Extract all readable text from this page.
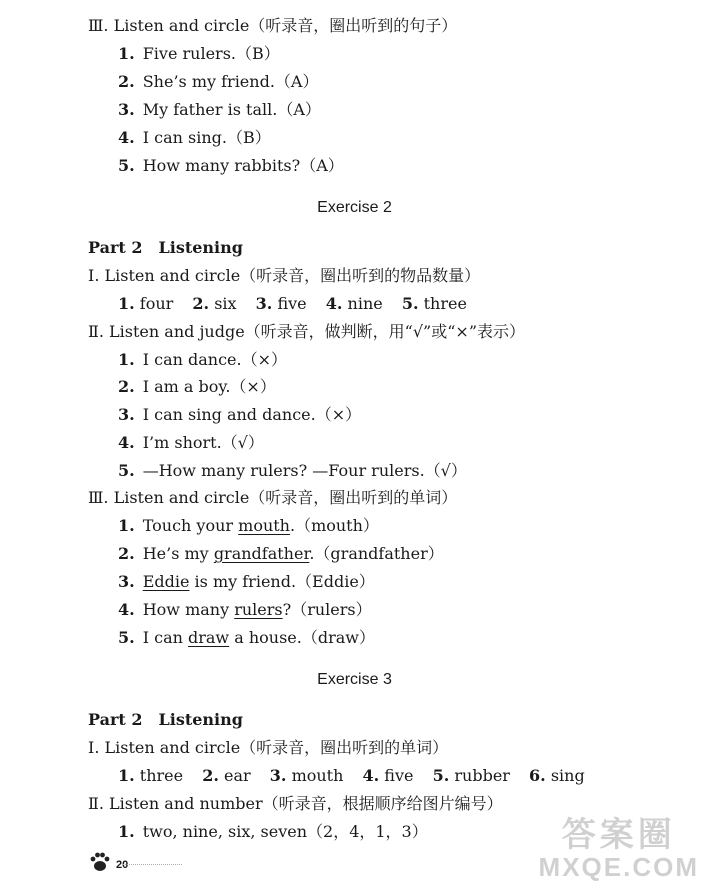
Ⅲ. Listen and circle（听录音，圈出听到的句子）
1. Five rulers.（B）
2. She’s my friend.（A）
3. My father is tall.（A）
4. I can sing.（B）
5. How many rabbits?（A）
Exercise 2
Part 2　Listening
Ⅰ. Listen and circle（听录音，圈出听到的物品数量）
1. four 2. six 3. five 4. nine 5. three
Ⅱ. Listen and judge（听录音，做判断，用“√”或“×”表示）
1. I can dance.（×）
2. I am a boy.（×）
3. I can sing and dance.（×）
4. I’m short.（√）
5. —How many rulers? —Four rulers.（√）
Ⅲ. Listen and circle（听录音，圈出听到的单词）
1. Touch your mouth.（mouth）
2. He’s my grandfather.（grandfather）
3. Eddie is my friend.（Eddie）
4. How many rulers?（rulers）
5. I can draw a house.（draw）
Exercise 3
Part 2　Listening
Ⅰ. Listen and circle（听录音，圈出听到的单词）
1. three 2. ear 3. mouth 4. five 5. rubber 6. sing
Ⅱ. Listen and number（听录音，根据顺序给图片编号）
1. two, nine, six, seven（2，4，1，3）
20
答案圈
MXQE.COM
